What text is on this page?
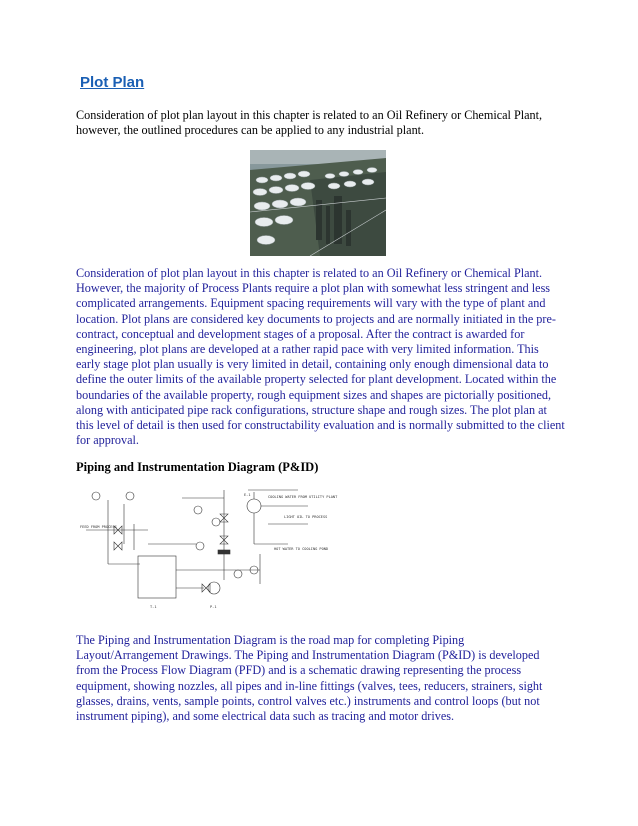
Plot Plan

Consideration of plot plan layout in this chapter is related to an Oil Refinery or Chemical Plant, however, the outlined procedures can be applied to any industrial plant.

Consideration of plot plan layout in this chapter is related to an Oil Refinery or Chemical Plant. However, the majority of Process Plants require a plot plan with somewhat less stringent and less complicated arrangements. Equipment spacing requirements will vary with the type of plant and location. Plot plans are considered key documents to projects and are normally initiated in the pre-contract, conceptual and development stages of a proposal. After the contract is awarded for engineering, plot plans are developed at a rather rapid pace with very limited information. This early stage plot plan usually is very limited in detail, containing only enough dimensional data to define the outer limits of the available property selected for plant development. Located within the boundaries of the available property, rough equipment sizes and shapes are pictorially positioned, along with anticipated pipe rack configurations, structure shape and rough sizes. The plot plan at this level of detail is then used for constructability evaluation and is normally submitted to the client for approval.

Piping and Instrumentation Diagram (P&ID)
FEED FROM PROCESS
COOLING WATER FROM UTILITY PLANT
LIGHT OIL TO PROCESS
HOT WATER TO COOLING POND
E-1
T-1	P-1

The Piping and Instrumentation Diagram is the road map for completing Piping Layout/Arrangement Drawings. The Piping and Instrumentation Diagram (P&ID) is developed from the Process Flow Diagram (PFD) and is a schematic drawing representing the process equipment, showing nozzles, all pipes and in-line fittings (valves, tees, reducers, strainers, sight glasses, drains, vents, sample points, control valves etc.) instruments and control loops (but not instrument piping), and some electrical data such as tracing and motor drives.
